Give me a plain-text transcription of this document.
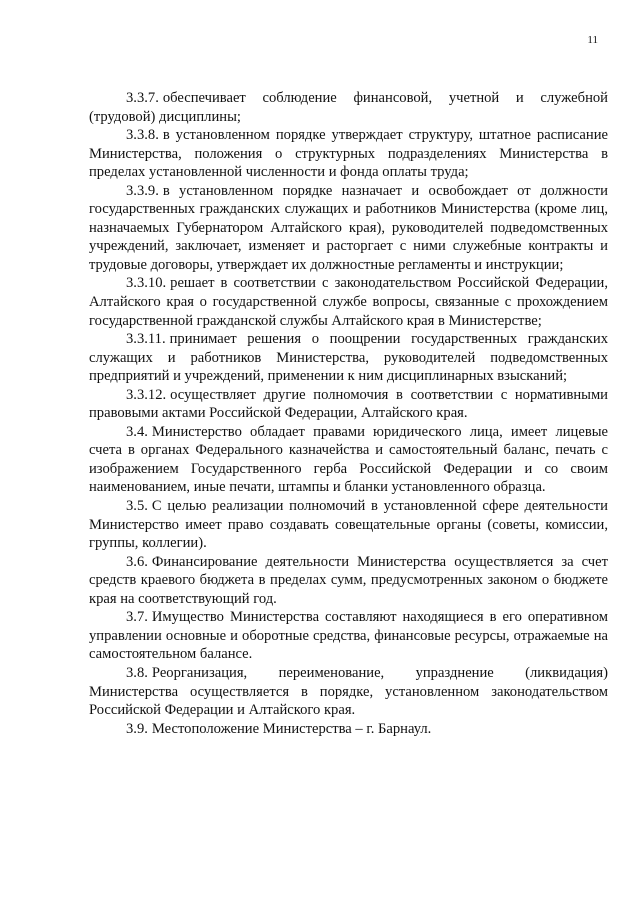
11

3.3.7. обеспечивает соблюдение финансовой, учетной и служебной (трудовой) дисциплины;

3.3.8. в установленном порядке утверждает структуру, штатное расписание Министерства, положения о структурных подразделениях Министерства в пределах установленной численности и фонда оплаты труда;

3.3.9. в установленном порядке назначает и освобождает от должности государственных гражданских служащих и работников Министерства (кроме лиц, назначаемых Губернатором Алтайского края), руководителей подведомственных учреждений, заключает, изменяет и расторгает с ними служебные контракты и трудовые договоры, утверждает их должностные регламенты и инструкции;

3.3.10. решает в соответствии с законодательством Российской Федерации, Алтайского края о государственной службе вопросы, связанные с прохождением государственной гражданской службы Алтайского края в Министерстве;

3.3.11. принимает решения о поощрении государственных гражданских служащих и работников Министерства, руководителей подведомственных предприятий и учреждений, применении к ним дисциплинарных взысканий;

3.3.12. осуществляет другие полномочия в соответствии с нормативными правовыми актами Российской Федерации, Алтайского края.

3.4. Министерство обладает правами юридического лица, имеет лицевые счета в органах Федерального казначейства и самостоятельный баланс, печать с изображением Государственного герба Российской Федерации и со своим наименованием, иные печати, штампы и бланки установленного образца.

3.5. С целью реализации полномочий в установленной сфере деятельности Министерство имеет право создавать совещательные органы (советы, комиссии, группы, коллегии).

3.6. Финансирование деятельности Министерства осуществляется за счет средств краевого бюджета в пределах сумм, предусмотренных законом о бюджете края на соответствующий год.

3.7. Имущество Министерства составляют находящиеся в его оперативном управлении основные и оборотные средства, финансовые ресурсы, отражаемые на самостоятельном балансе.

3.8. Реорганизация, переименование, упразднение (ликвидация) Министерства осуществляется в порядке, установленном законодательством Российской Федерации и Алтайского края.

3.9. Местоположение Министерства – г. Барнаул.
